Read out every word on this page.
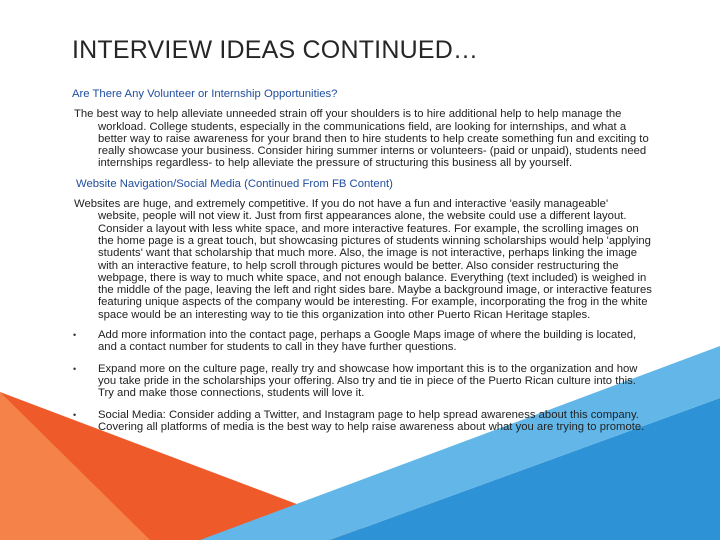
INTERVIEW IDEAS CONTINUED…
Are There Any Volunteer or Internship Opportunities?
The best way to help alleviate unneeded strain off your shoulders is to hire additional help to help manage the workload. College students, especially in the communications field, are looking for internships, and what a better way to raise awareness for your brand then to hire students to help create something fun and exciting to really showcase your business. Consider hiring summer interns or volunteers- (paid or unpaid), students need internships regardless- to help alleviate the pressure of structuring this business all by yourself.
Website Navigation/Social Media (Continued From FB Content)
Websites are huge, and extremely competitive. If you do not have a fun and interactive 'easily manageable' website, people will not view it. Just from first appearances alone, the website could use a different layout. Consider a layout with less white space, and more interactive features. For example, the scrolling images on the home page is a great touch, but showcasing pictures of students winning scholarships would help 'applying students' want that scholarship that much more. Also, the image is not interactive, perhaps linking the image with an interactive feature, to help scroll through pictures would be better. Also consider restructuring the webpage, there is way to much white space, and not enough balance. Everything (text included) is weighed in the middle of the page, leaving the left and right sides bare. Maybe a background image, or interactive features featuring unique aspects of the company would be interesting. For example, incorporating the frog in the white space would be an interesting way to tie this organization into other Puerto Rican Heritage staples.
• Add more information into the contact page, perhaps a Google Maps image of where the building is located, and a contact number for students to call in they have further questions.
• Expand more on the culture page, really try and showcase how important this is to the organization and how you take pride in the scholarships your offering. Also try and tie in piece of the Puerto Rican culture into this. Try and make those connections, students will love it.
• Social Media: Consider adding a Twitter, and Instagram page to help spread awareness about this company. Covering all platforms of media is the best way to help raise awareness about what you are trying to promote.
